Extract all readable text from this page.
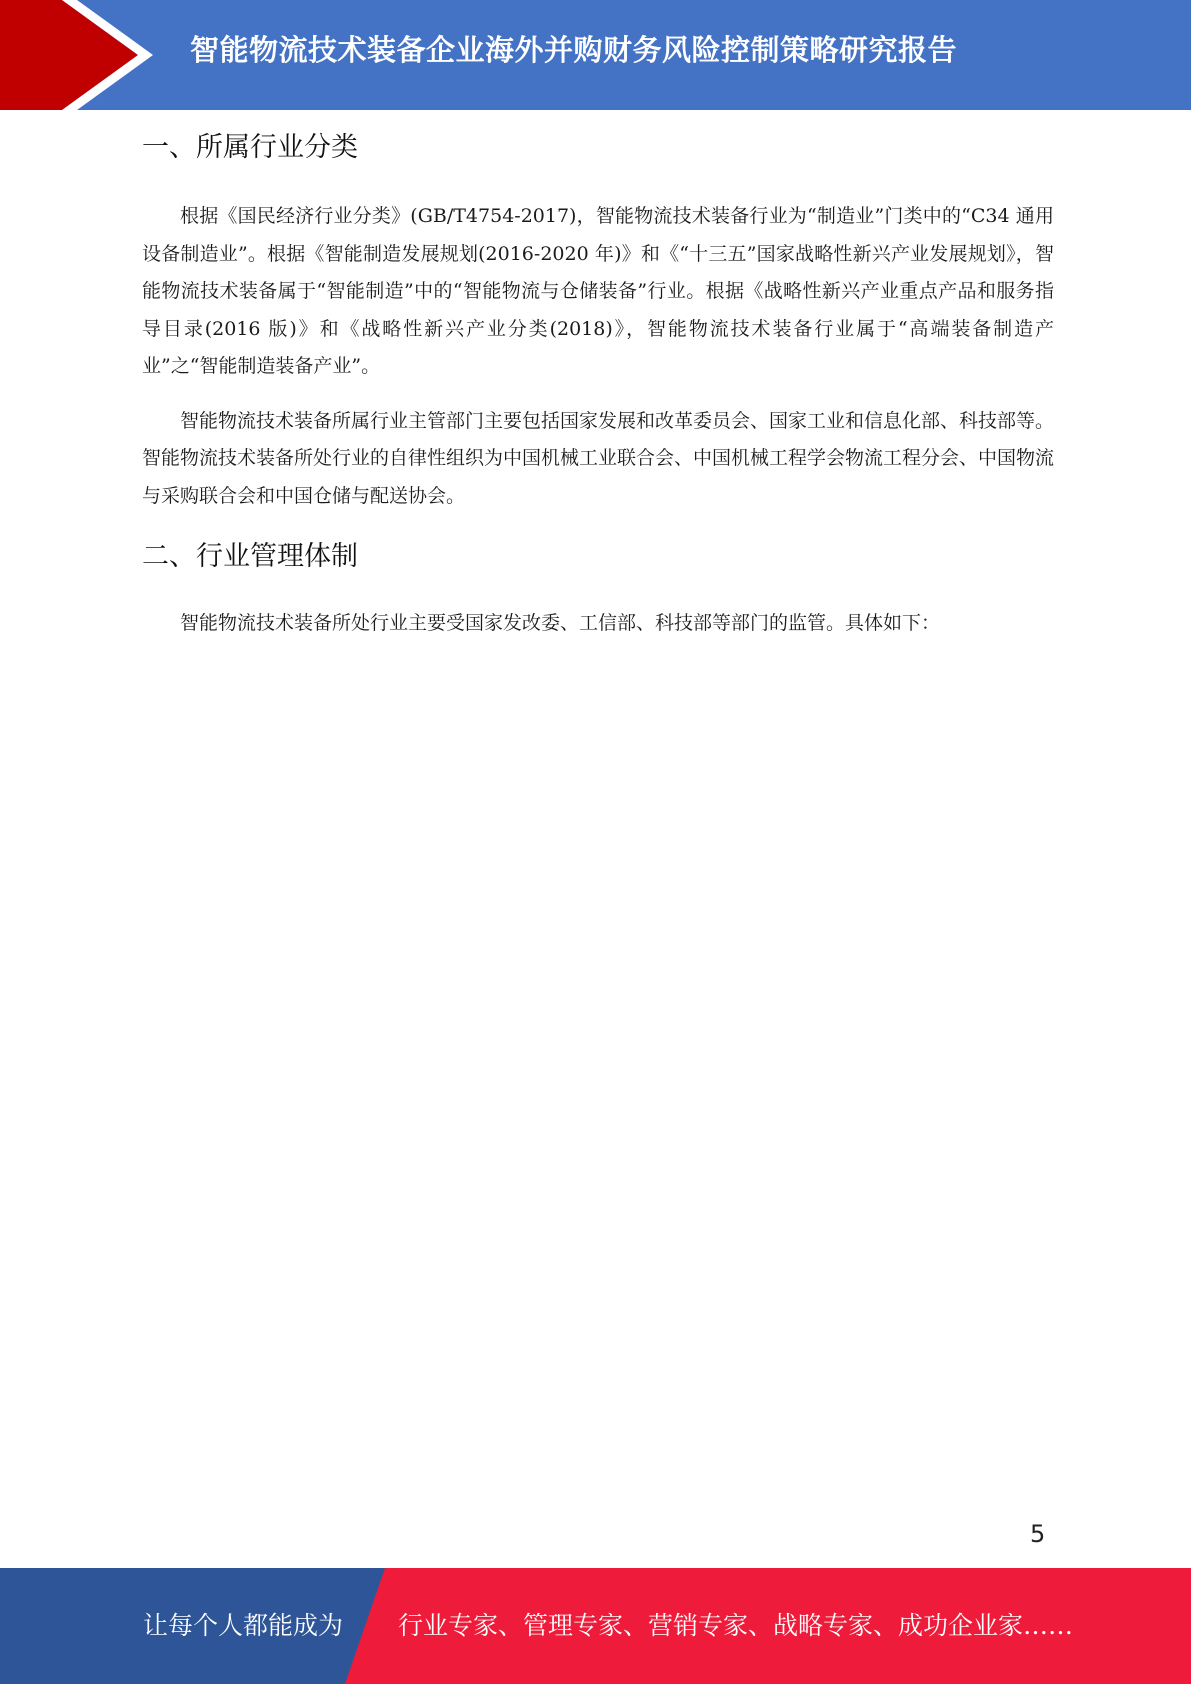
智能物流技术装备企业海外并购财务风险控制策略研究报告
一、所属行业分类

根据《国民经济行业分类》(GB/T4754-2017)，智能物流技术装备行业为“制造业”门类中的“C34 通用设备制造业”。根据《智能制造发展规划(2016-2020 年)》和《“十三五”国家战略性新兴产业发展规划》，智能物流技术装备属于“智能制造”中的“智能物流与仓储装备”行业。根据《战略性新兴产业重点产品和服务指导目录(2016 版)》和《战略性新兴产业分类(2018)》，智能物流技术装备行业属于“高端装备制造产业”之“智能制造装备产业”。

智能物流技术装备所属行业主管部门主要包括国家发展和改革委员会、国家工业和信息化部、科技部等。智能物流技术装备所处行业的自律性组织为中国机械工业联合会、中国机械工程学会物流工程分会、中国物流与采购联合会和中国仓储与配送协会。

二、行业管理体制

智能物流技术装备所处行业主要受国家发改委、工信部、科技部等部门的监管。具体如下：

5
让每个人都能成为 行业专家、管理专家、营销专家、战略专家、成功企业家……
